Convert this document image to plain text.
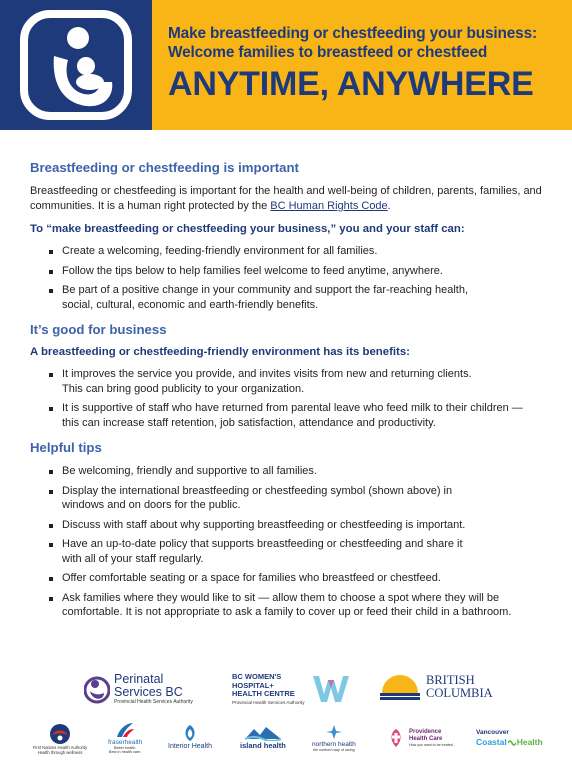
Make breastfeeding or chestfeeding your business:
Welcome families to breastfeed or chestfeed
ANYTIME, ANYWHERE
Breastfeeding or chestfeeding is important

Breastfeeding or chestfeeding is important for the health and well-being of children, parents, families, and communities. It is a human right protected by the BC Human Rights Code.

To “make breastfeeding or chestfeeding your business,” you and your staff can:
Create a welcoming, feeding-friendly environment for all families.
Follow the tips below to help families feel welcome to feed anytime, anywhere.
Be part of a positive change in your community and support the far-reaching health,
social, cultural, economic and earth-friendly benefits.
It’s good for business
A breastfeeding or chestfeeding-friendly environment has its benefits:
It improves the service you provide, and invites visits from new and returning clients.
This can bring good publicity to your organization.
It is supportive of staff who have returned from parental leave who feed milk to their children —
this can increase staff retention, job satisfaction, attendance and productivity.
Helpful tips
Be welcoming, friendly and supportive to all families.
Display the international breastfeeding or chestfeeding symbol (shown above) in
windows and on doors for the public.
Discuss with staff about why supporting breastfeeding or chestfeeding is important.
Have an up-to-date policy that supports breastfeeding or chestfeeding and share it
with all of your staff regularly.
Offer comfortable seating or a space for families who breastfeed or chestfeed.
Ask families where they would like to sit — allow them to choose a spot where they will be
comfortable. It is not appropriate to ask a family to cover up or feed their child in a bathroom.
Perinatal
Services BC
Provincial Health Services Authority
BC WOMEN'S
HOSPITAL+
HEALTH CENTRE
Provincial Health Services Authority
BRITISH
COLUMBIA
First Nations Health Authority
Health through wellness
fraserhealth
Better health.
Best in health care.
Interior Health	island health	northern health
the northern way of caring
Providence
Health Care
How you want to be treated.
Vancouver
Coastal Health
